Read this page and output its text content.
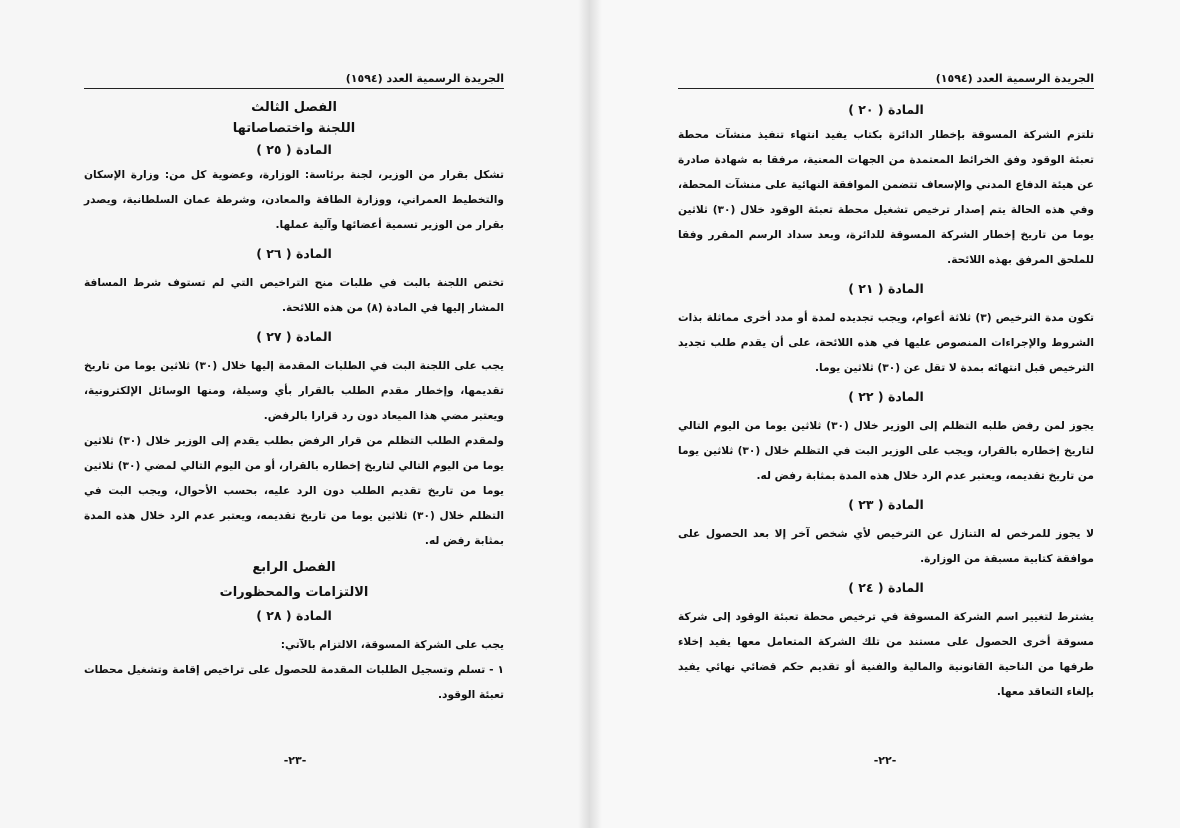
الجريدة الرسمية العدد (١٥٩٤)
الفصل الثالث
اللجنة واختصاصاتها
المادة ( ٢٥ )

تشكل بقرار من الوزير، لجنة برئاسة: الوزارة، وعضوية كل من: وزارة الإسكان والتخطيط العمراني، ووزارة الطاقة والمعادن، وشرطة عمان السلطانية، ويصدر بقرار من الوزير تسمية أعضائها وآلية عملها.

المادة ( ٢٦ )

تختص اللجنة بالبت في طلبات منح التراخيص التي لم تستوف شرط المسافة المشار إليها في المادة (٨) من هذه اللائحة.

المادة ( ٢٧ )

يجب على اللجنة البت في الطلبات المقدمة إليها خلال (٣٠) ثلاثين يوما من تاريخ تقديمها، وإخطار مقدم الطلب بالقرار بأي وسيلة، ومنها الوسائل الإلكترونية، ويعتبر مضي هذا الميعاد دون رد قرارا بالرفض.

ولمقدم الطلب التظلم من قرار الرفض بطلب يقدم إلى الوزير خلال (٣٠) ثلاثين يوما من اليوم التالي لتاريخ إخطاره بالقرار، أو من اليوم التالي لمضي (٣٠) ثلاثين يوما من تاريخ تقديم الطلب دون الرد عليه، بحسب الأحوال، ويجب البت في التظلم خلال (٣٠) ثلاثين يوما من تاريخ تقديمه، ويعتبر عدم الرد خلال هذه المدة بمثابة رفض له.

الفصل الرابع
الالتزامات والمحظورات
المادة ( ٢٨ )

يجب على الشركة المسوقة، الالتزام بالآتي:

١ - تسلم وتسجيل الطلبات المقدمة للحصول على تراخيص إقامة وتشغيل محطات تعبئة الوقود.

-٢٣-
الجريدة الرسمية العدد (١٥٩٤)
المادة ( ٢٠ )

تلتزم الشركة المسوقة بإخطار الدائرة بكتاب يفيد انتهاء تنفيذ منشآت محطة تعبئة الوقود وفق الخرائط المعتمدة من الجهات المعنية، مرفقا به شهادة صادرة عن هيئة الدفاع المدني والإسعاف تتضمن الموافقة النهائية على منشآت المحطة، وفي هذه الحالة يتم إصدار ترخيص تشغيل محطة تعبئة الوقود خلال (٣٠) ثلاثين يوما من تاريخ إخطار الشركة المسوقة للدائرة، وبعد سداد الرسم المقرر وفقا للملحق المرفق بهذه اللائحة.

المادة ( ٢١ )

تكون مدة الترخيص (٣) ثلاثة أعوام، ويجب تجديده لمدة أو مدد أخرى مماثلة بذات الشروط والإجراءات المنصوص عليها في هذه اللائحة، على أن يقدم طلب تجديد الترخيص قبل انتهائه بمدة لا تقل عن (٣٠) ثلاثين يوما.

المادة ( ٢٢ )

يجوز لمن رفض طلبه التظلم إلى الوزير خلال (٣٠) ثلاثين يوما من اليوم التالي لتاريخ إخطاره بالقرار، ويجب على الوزير البت في التظلم خلال (٣٠) ثلاثين يوما من تاريخ تقديمه، ويعتبر عدم الرد خلال هذه المدة بمثابة رفض له.

المادة ( ٢٣ )

لا يجوز للمرخص له التنازل عن الترخيص لأي شخص آخر إلا بعد الحصول على موافقة كتابية مسبقة من الوزارة.

المادة ( ٢٤ )

يشترط لتغيير اسم الشركة المسوقة في ترخيص محطة تعبئة الوقود إلى شركة مسوقة أخرى الحصول على مستند من تلك الشركة المتعامل معها يفيد إخلاء طرفها من الناحية القانونية والمالية والفنية أو تقديم حكم قضائي نهائي يفيد بإلغاء التعاقد معها.

-٢٢-
